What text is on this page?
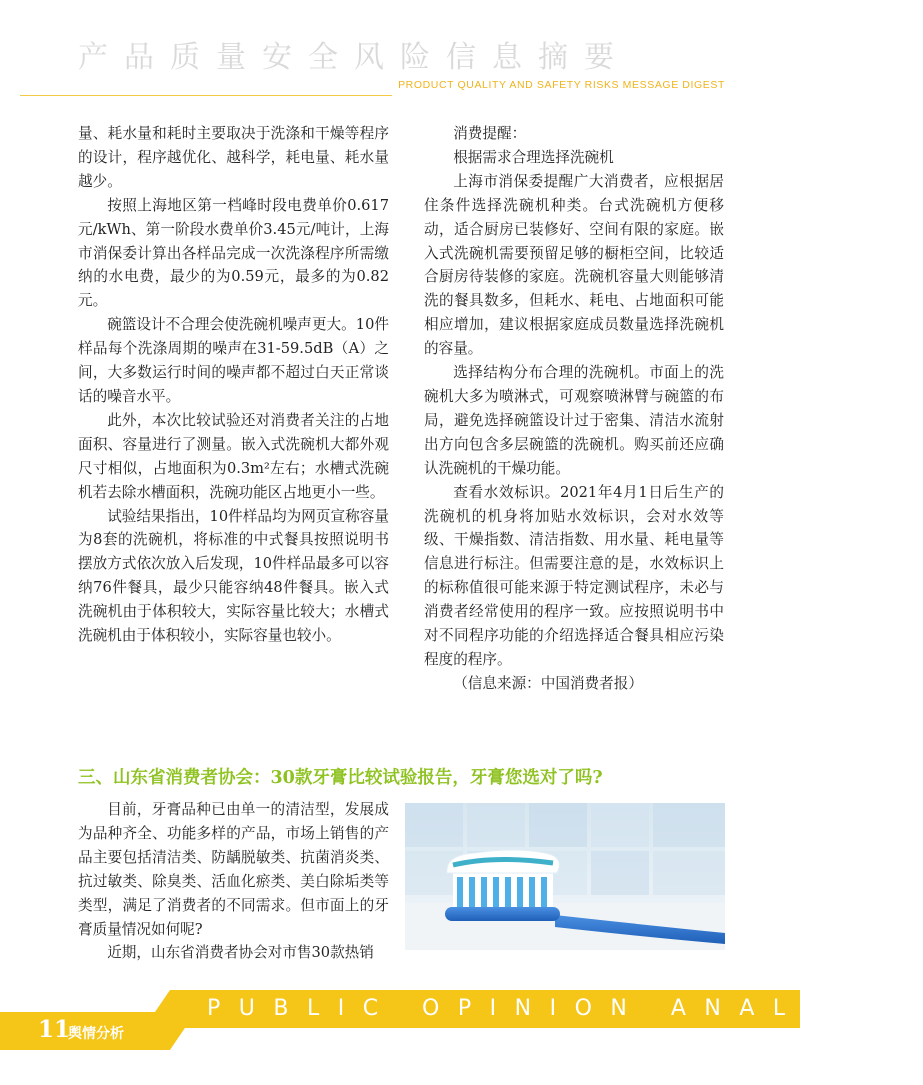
产品质量安全风险信息摘要
PRODUCT QUALITY AND SAFETY RISKS MESSAGE DIGEST

量、耗水量和耗时主要取决于洗涤和干燥等程序的设计，程序越优化、越科学，耗电量、耗水量越少。

按照上海地区第一档峰时段电费单价0.617元/kWh、第一阶段水费单价3.45元/吨计，上海市消保委计算出各样品完成一次洗涤程序所需缴纳的水电费，最少的为0.59元，最多的为0.82元。

碗篮设计不合理会使洗碗机噪声更大。10件样品每个洗涤周期的噪声在31-59.5dB（A）之间，大多数运行时间的噪声都不超过白天正常谈话的噪音水平。

此外，本次比较试验还对消费者关注的占地面积、容量进行了测量。嵌入式洗碗机大都外观尺寸相似，占地面积为0.3m²左右；水槽式洗碗机若去除水槽面积，洗碗功能区占地更小一些。

试验结果指出，10件样品均为网页宣称容量为8套的洗碗机，将标准的中式餐具按照说明书摆放方式依次放入后发现，10件样品最多可以容纳76件餐具，最少只能容纳48件餐具。嵌入式洗碗机由于体积较大，实际容量比较大；水槽式洗碗机由于体积较小，实际容量也较小。

消费提醒：

根据需求合理选择洗碗机

上海市消保委提醒广大消费者，应根据居住条件选择洗碗机种类。台式洗碗机方便移动，适合厨房已装修好、空间有限的家庭。嵌入式洗碗机需要预留足够的橱柜空间，比较适合厨房待装修的家庭。洗碗机容量大则能够清洗的餐具数多，但耗水、耗电、占地面积可能相应增加，建议根据家庭成员数量选择洗碗机的容量。

选择结构分布合理的洗碗机。市面上的洗碗机大多为喷淋式，可观察喷淋臂与碗篮的布局，避免选择碗篮设计过于密集、清洁水流射出方向包含多层碗篮的洗碗机。购买前还应确认洗碗机的干燥功能。

查看水效标识。2021年4月1日后生产的洗碗机的机身将加贴水效标识，会对水效等级、干燥指数、清洁指数、用水量、耗电量等信息进行标注。但需要注意的是，水效标识上的标称值很可能来源于特定测试程序，未必与消费者经常使用的程序一致。应按照说明书中对不同程序功能的介绍选择适合餐具相应污染程度的程序。

（信息来源：中国消费者报）

三、山东省消费者协会：30款牙膏比较试验报告，牙膏您选对了吗?

目前，牙膏品种已由单一的清洁型，发展成为品种齐全、功能多样的产品，市场上销售的产品主要包括清洁类、防龋脱敏类、抗菌消炎类、抗过敏类、除臭类、活血化瘀类、美白除垢类等类型，满足了消费者的不同需求。但市面上的牙膏质量情况如何呢?

近期，山东省消费者协会对市售30款热销

PUBLIC OPINION ANALYSIS
11
舆情分析
